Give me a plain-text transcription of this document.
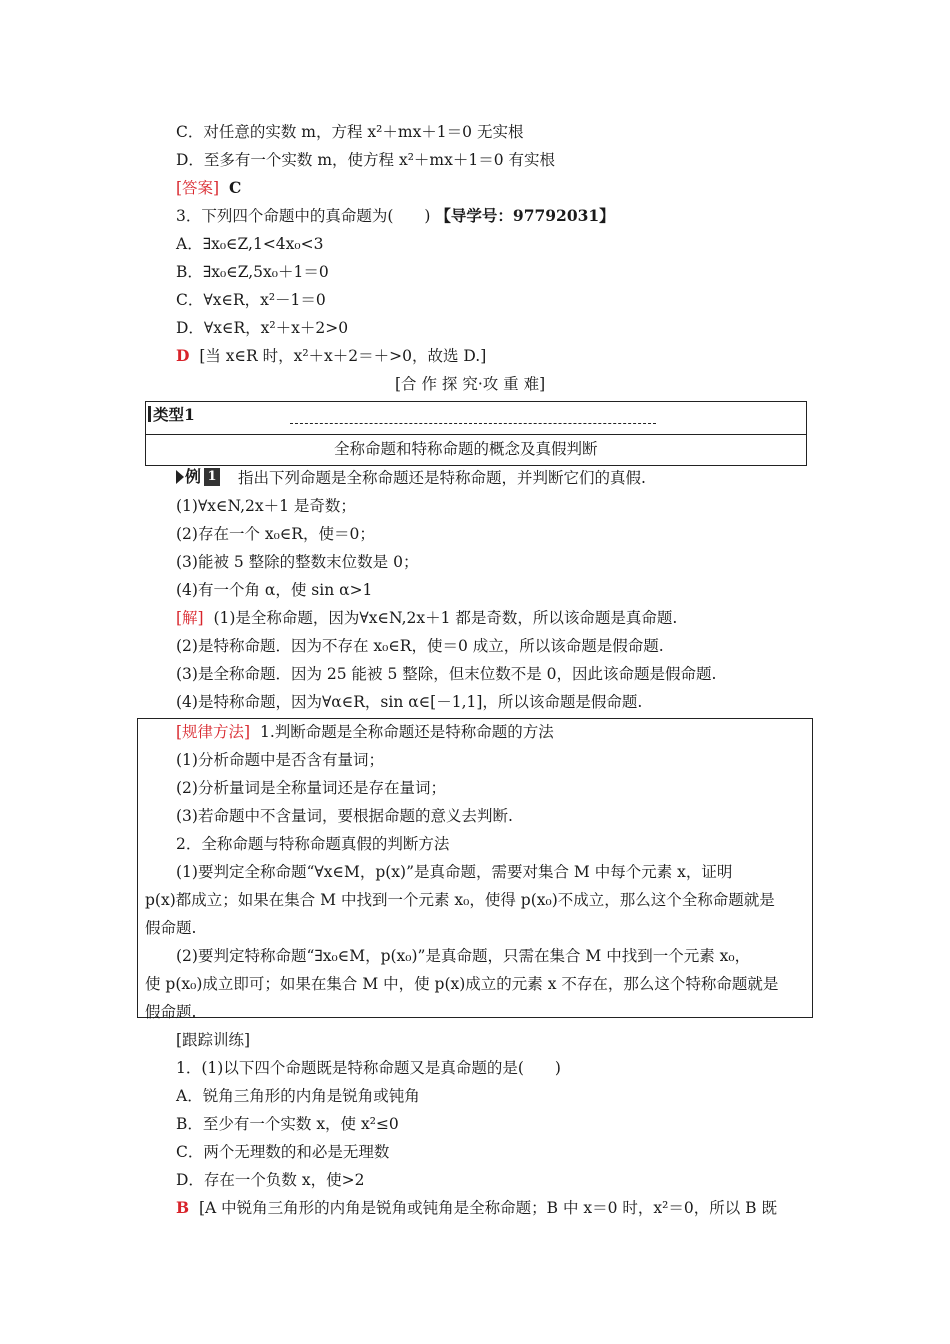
C．对任意的实数 m，方程 x²＋mx＋1＝0 无实根
D．至多有一个实数 m，使方程 x²＋mx＋1＝0 有实根
[答案] C
3．下列四个命题中的真命题为(　　) 【导学号：97792031】
A．∃x₀∈Z,1<4x₀<3
B．∃x₀∈Z,5x₀＋1＝0
C．∀x∈R，x²－1＝0
D．∀x∈R，x²＋x＋2>0
D [当 x∈R 时，x²＋x＋2＝＋>0，故选 D.]
[合 作 探 究·攻 重 难]
类型1
全称命题和特称命题的概念及真假判断
例 1 指出下列命题是全称命题还是特称命题，并判断它们的真假.
(1)∀x∈N,2x＋1 是奇数；
(2)存在一个 x₀∈R，使＝0；
(3)能被 5 整除的整数末位数是 0；
(4)有一个角 α，使 sin α>1
[解] (1)是全称命题，因为∀x∈N,2x＋1 都是奇数，所以该命题是真命题.
(2)是特称命题．因为不存在 x₀∈R，使＝0 成立，所以该命题是假命题.
(3)是全称命题．因为 25 能被 5 整除，但末位数不是 0，因此该命题是假命题.
(4)是特称命题，因为∀α∈R，sin α∈[－1,1]，所以该命题是假命题.
[规律方法] 1.判断命题是全称命题还是特称命题的方法
(1)分析命题中是否含有量词；
(2)分析量词是全称量词还是存在量词；
(3)若命题中不含量词，要根据命题的意义去判断.
2．全称命题与特称命题真假的判断方法
(1)要判定全称命题“∀x∈M，p(x)”是真命题，需要对集合 M 中每个元素 x，证明
p(x)都成立；如果在集合 M 中找到一个元素 x₀，使得 p(x₀)不成立，那么这个全称命题就是
假命题.
(2)要判定特称命题“∃x₀∈M，p(x₀)”是真命题，只需在集合 M 中找到一个元素 x₀，
使 p(x₀)成立即可；如果在集合 M 中，使 p(x)成立的元素 x 不存在，那么这个特称命题就是
假命题.
[跟踪训练]
1．(1)以下四个命题既是特称命题又是真命题的是(　　)
A．锐角三角形的内角是锐角或钝角
B．至少有一个实数 x，使 x²≤0
C．两个无理数的和必是无理数
D．存在一个负数 x，使>2
B [A 中锐角三角形的内角是锐角或钝角是全称命题；B 中 x＝0 时，x²＝0，所以 B 既
